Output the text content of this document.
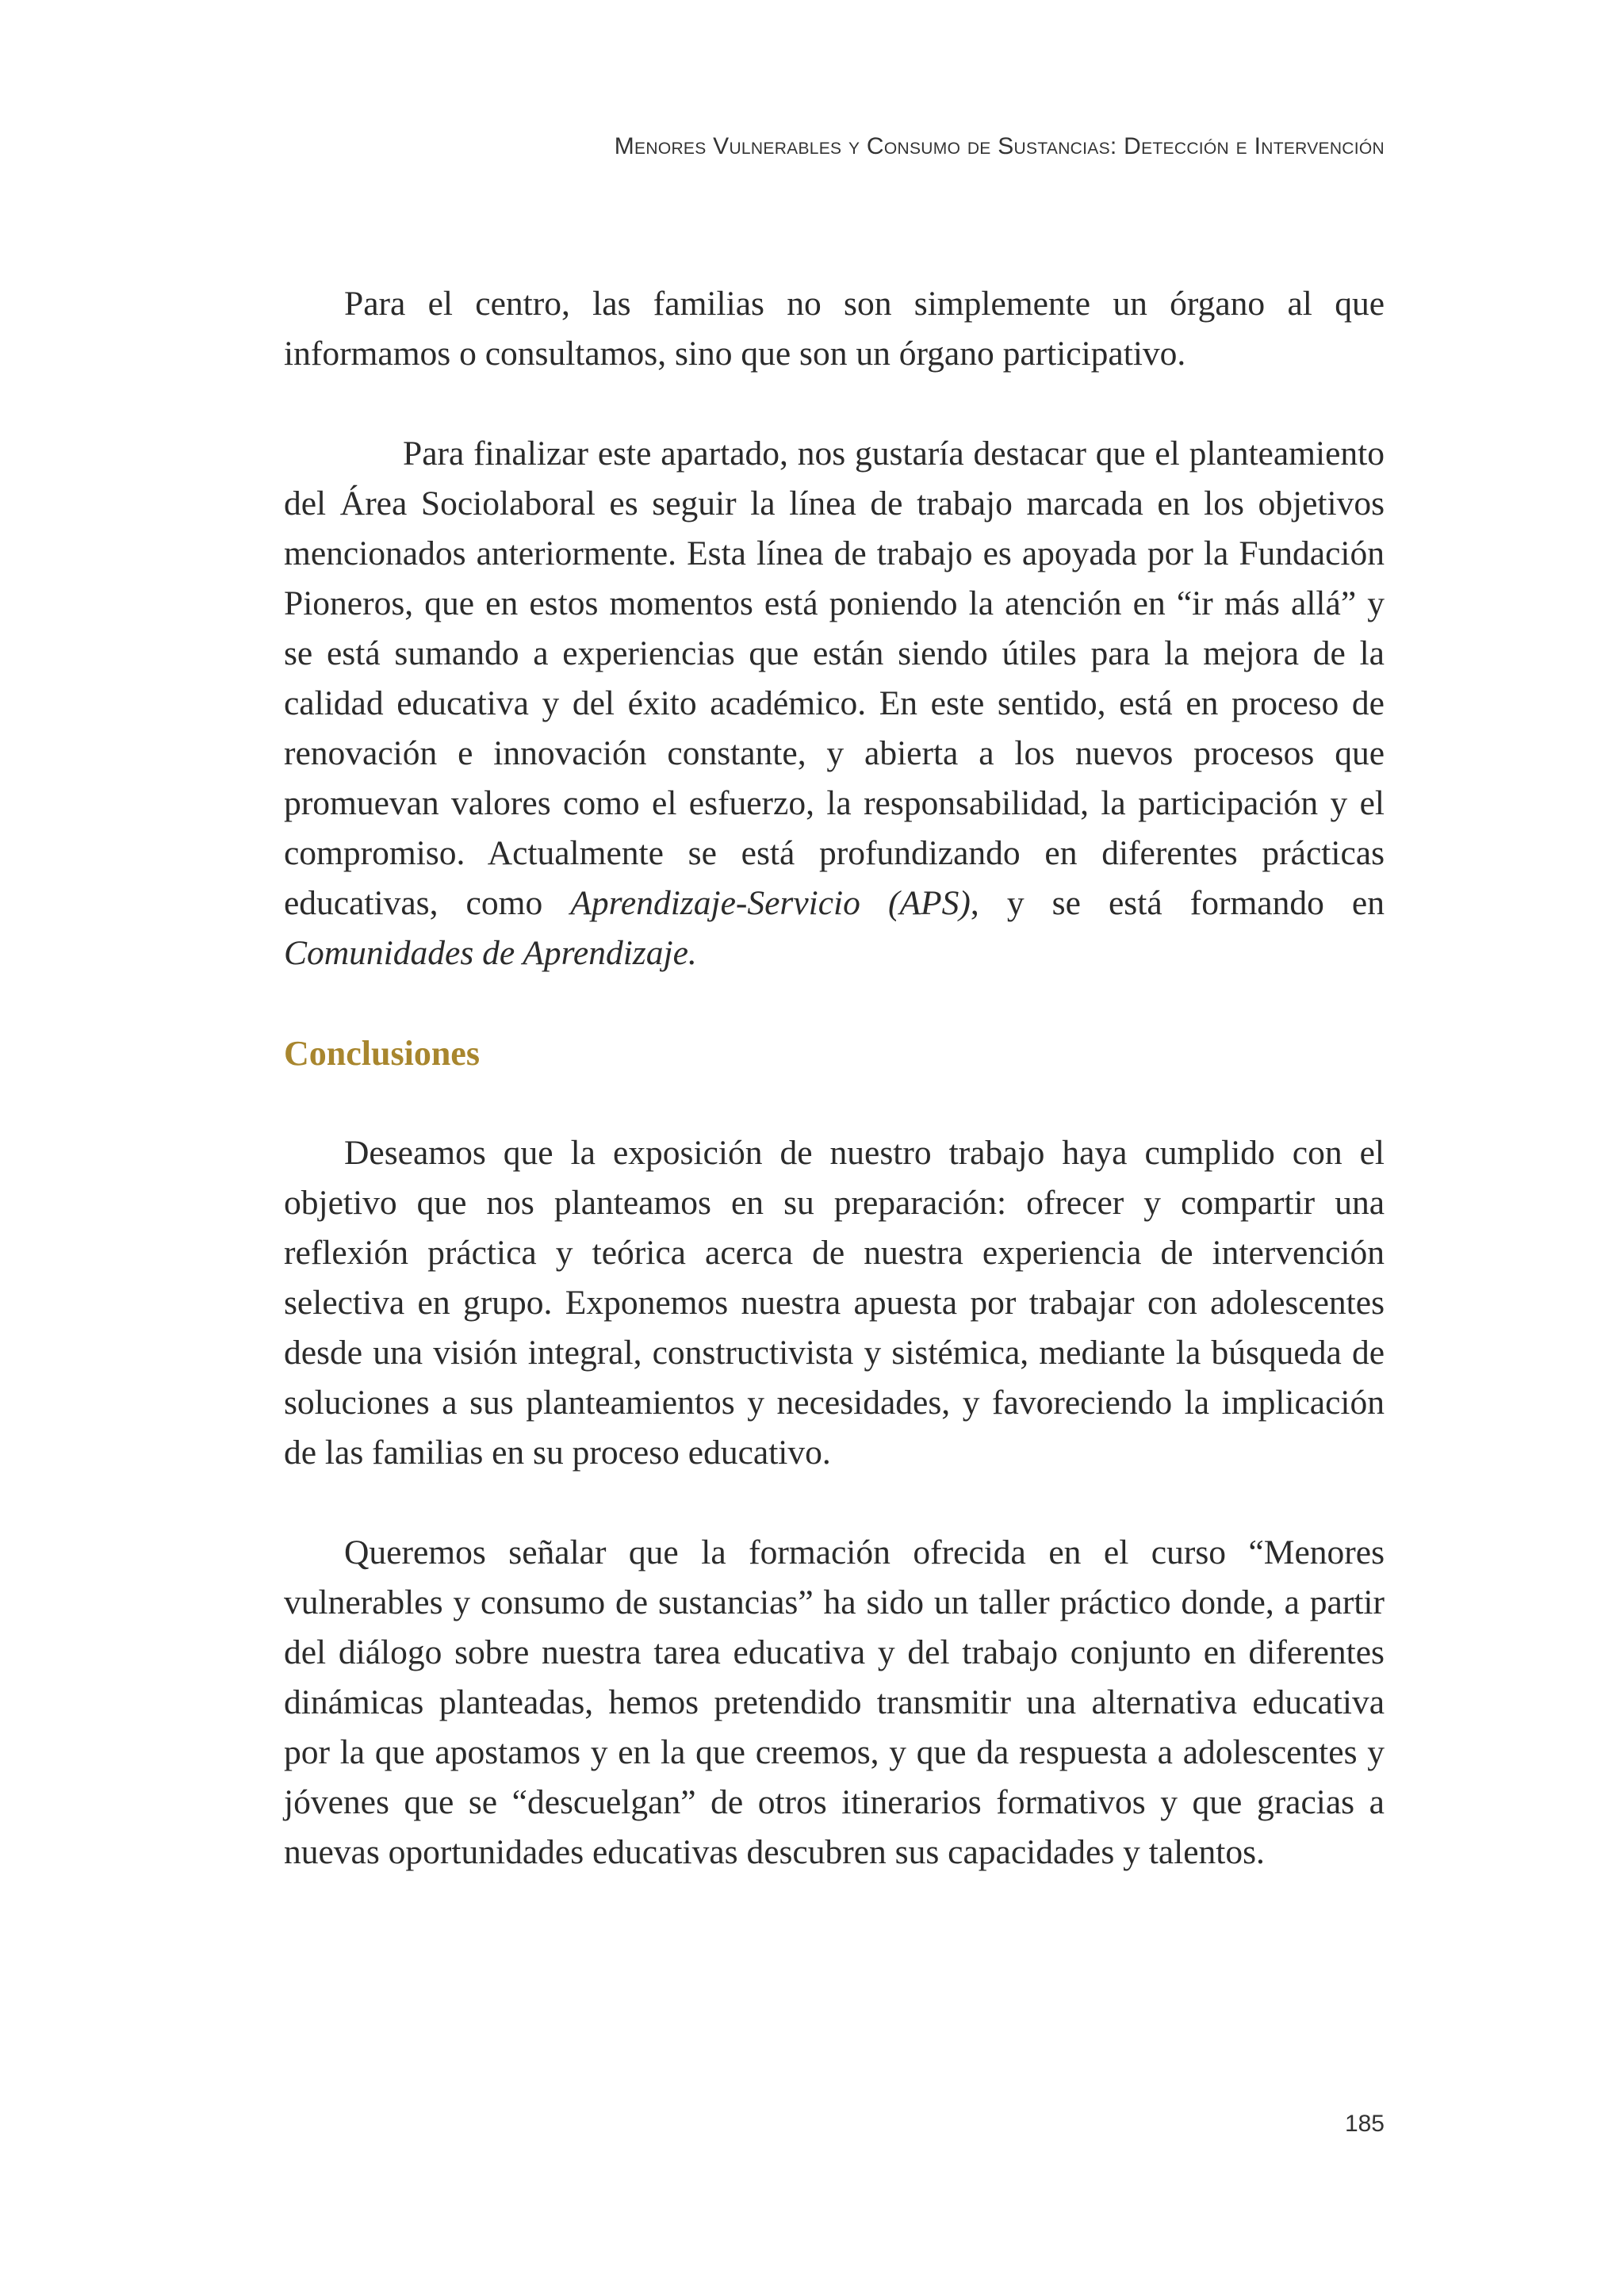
Menores Vulnerables y Consumo de Sustancias: Detección e Intervención

Para el centro, las familias no son simplemente un órgano al que informamos o consultamos, sino que son un órgano participativo.

Para finalizar este apartado, nos gustaría destacar que el planteamiento del Área Sociolaboral es seguir la línea de trabajo marcada en los objetivos mencionados anteriormente. Esta línea de trabajo es apoyada por la Fundación Pioneros, que en estos momentos está poniendo la atención en “ir más allá” y se está sumando a experiencias que están siendo útiles para la mejora de la calidad educativa y del éxito académico. En este sentido, está en proceso de renovación e innovación constante, y abierta a los nuevos procesos que promuevan valores como el esfuerzo, la responsabilidad, la participación y el compromiso. Actualmente se está profundizando en diferentes prácticas educativas, como Aprendizaje-Servicio (APS), y se está formando en Comunidades de Aprendizaje.

Conclusiones

Deseamos que la exposición de nuestro trabajo haya cumplido con el objetivo que nos planteamos en su preparación: ofrecer y compartir una reflexión práctica y teórica acerca de nuestra experiencia de intervención selectiva en grupo. Exponemos nuestra apuesta por trabajar con adolescentes desde una visión integral, constructivista y sistémica, mediante la búsqueda de soluciones a sus planteamientos y necesidades, y favoreciendo la implicación de las familias en su proceso educativo.

Queremos señalar que la formación ofrecida en el curso “Menores vulnerables y consumo de sustancias” ha sido un taller práctico donde, a partir del diálogo sobre nuestra tarea educativa y del trabajo conjunto en diferentes dinámicas planteadas, hemos pretendido transmitir una alternativa educativa por la que apostamos y en la que creemos, y que da respuesta a adolescentes y jóvenes que se “descuelgan” de otros itinerarios formativos y que gracias a nuevas oportunidades educativas descubren sus capacidades y talentos.

185
